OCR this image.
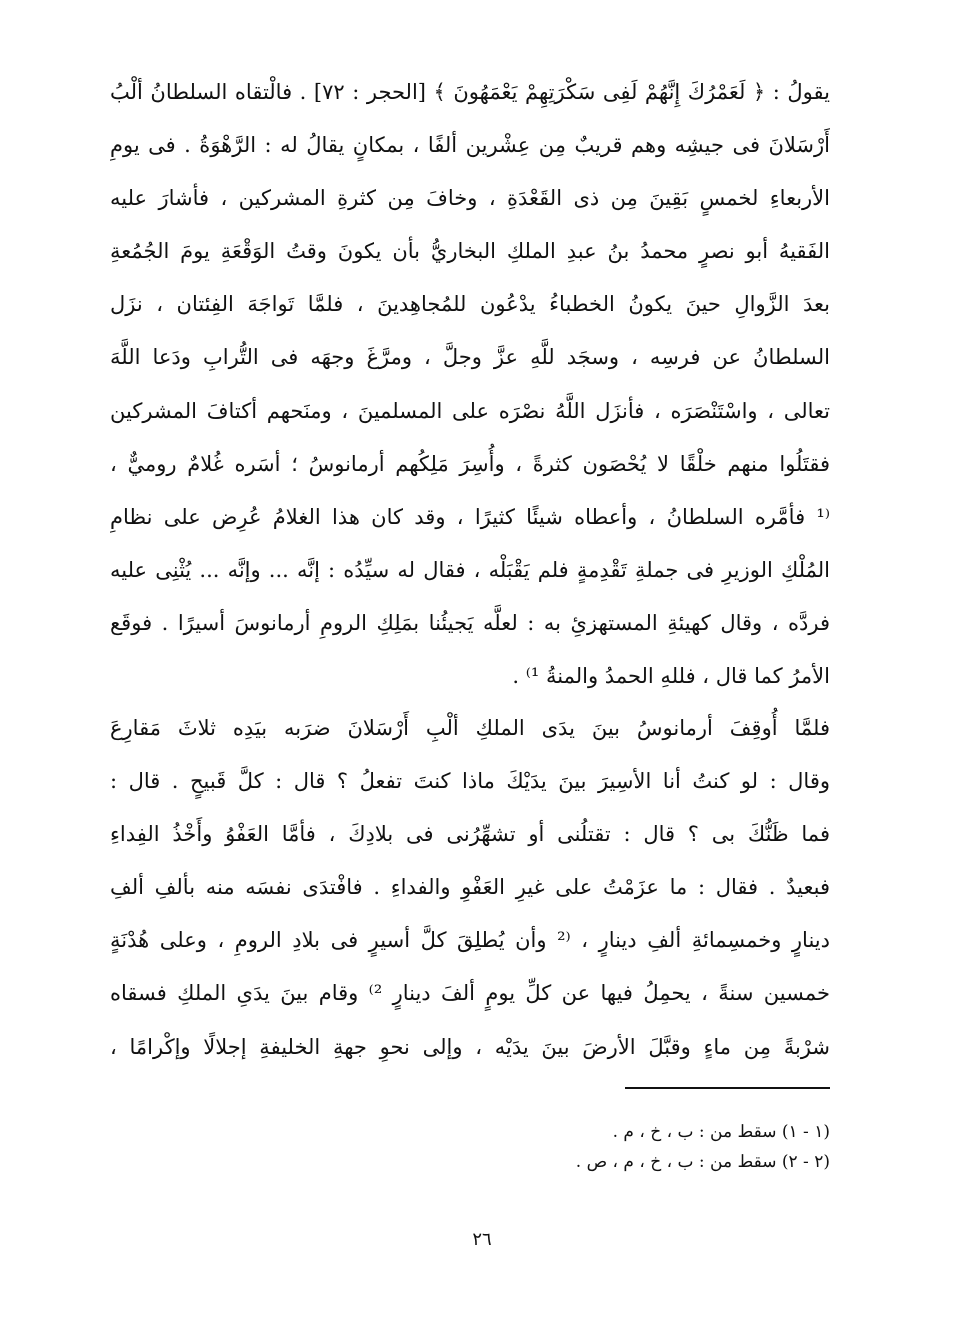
يقولُ : ﴿ لَعَمْرُكَ إِنَّهُمْ لَفِى سَكْرَتِهِمْ يَعْمَهُونَ ﴾ [الحجر : ٧٢] . فالْتقاه السلطانُ ألْبُ
أَرْسَلانَ فى جيشِه وهم قريبٌ مِن عِشْرين ألفًا ، بمكانٍ يقالُ له : الرَّهْوَةُ . فى يومِ
الأربعاءِ لخمسٍ بَقِينَ مِن ذى القَعْدَةِ ، وخافَ مِن كثرةِ المشركين ، فأشارَ عليه
الفَقيهُ أبو نصرٍ محمدُ بنُ عبدِ الملكِ البخاريُّ بأن يكونَ وقتُ الوَقْعَةِ يومَ الجُمُعةِ
بعدَ الزَّوالِ حينَ يكونُ الخطباءُ يدْعُون للمُجاهِدينَ ، فلمَّا تَواجَهَ الفِئتان ، نزَل
السلطانُ عن فرسِه ، وسجَد للَّهِ عزَّ وجلَّ ، ومرَّغَ وجهَه فى التُّرابِ ودَعا اللَّهَ
تعالى ، واسْتَنْصَرَه ، فأنزَل اللَّهُ نصْرَه على المسلمينَ ، ومنَحهم أكتافَ المشركين
فقتَلُوا منهم خلْقًا لا يُحْصَون كثرةً ، وأُسِرَ مَلِكُهم أرمانوسُ ؛ أسَره غُلامٌ روميٌّ ،
⁽¹ فأمَّره السلطانُ ، وأعطاه شيئًا كثيرًا ، وقد كان هذا الغلامُ عُرِض على نظامِ
المُلْكِ الوزيرِ فى جملةِ تَقْدِمةٍ فلم يَقْبَلْه ، فقال له سيِّدُه : إنَّه ... وإنَّه ... يُثْنِى عليه
فردَّه ، وقال كهيئةِ المستهزئِ به : لعلَّه يَجيئُنا بمَلِكِ الرومِ أرمانوسَ أسيرًا . فوقَع
الأمرُ كما قال ، فللهِ الحمدُ والمنةُ ¹⁾ .
فلمَّا أُوقِفَ أرمانوسُ بينَ يدَى الملكِ ألْبِ أَرْسَلانَ ضرَبه بيَدِه ثلاثَ مَقارِعَ
وقال : لو كنتُ أنا الأسِيرَ بينَ يدَيْكَ ماذا كنتَ تفعلُ ؟ قال : كلَّ قَبيحٍ . قال :
فما ظَنُّكَ بى ؟ قال : تقتلُنى أو تشهِّرُنى فى بلادِكَ ، فأمَّا العَفْوُ وأَخْذُ الفِداءِ
فبعيدٌ . فقال : ما عزَمْتُ على غيرِ العَفْوِ والفداءِ . فافْتدَى نفسَه منه بألفِ ألفِ
دينارٍ وخمسِمائةِ ألفِ دينارٍ ، ⁽² وأن يُطلِقَ كلَّ أسيرٍ فى بلادِ الرومِ ، وعلى هُدْنَةٍ
خمسين سنةً ، يحمِلُ فيها عن كلِّ يومٍ ألفَ دينارٍ ²⁾ وقام بينَ يدَىِ الملكِ فسقاه
شرْبةً مِن ماءٍ وقبَّلَ الأرضَ بينَ يدَيْه ، وإلى نحوِ جهةِ الخليفةِ إجلالًا وإكْرامًا ،
(١ - ١) سقط من : ب ، خ ، م .
(٢ - ٢) سقط من : ب ، خ ، م ، ص .
٢٦
